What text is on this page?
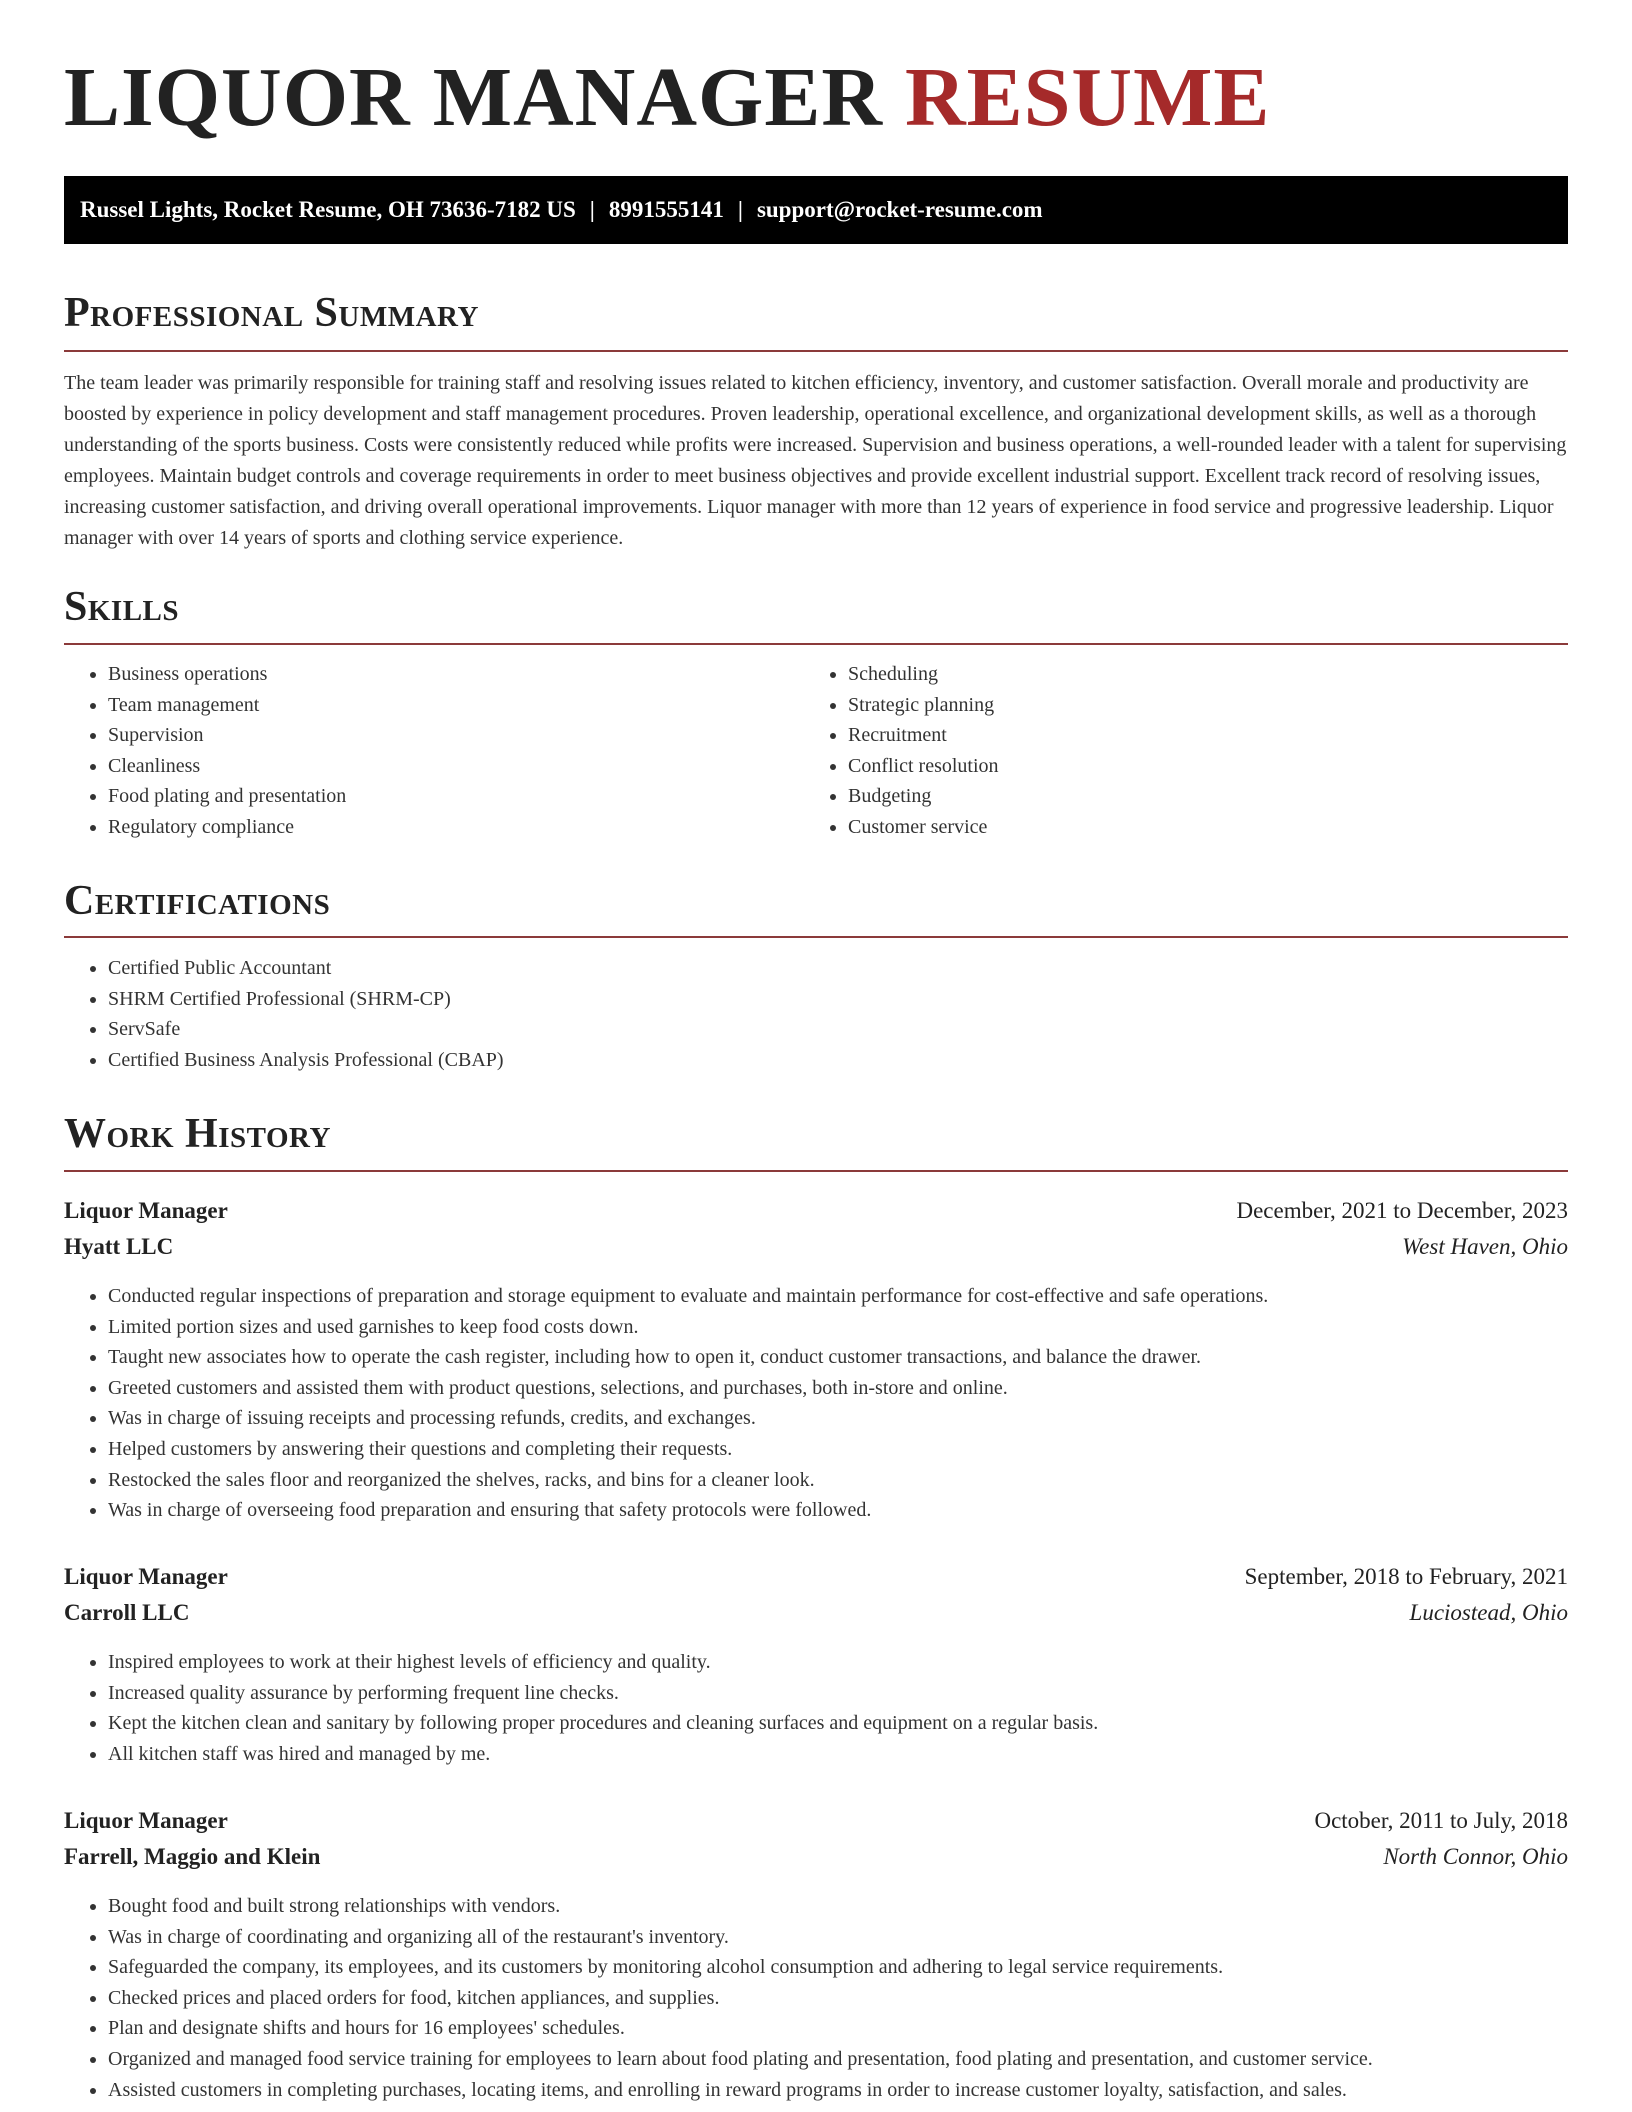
LIQUOR MANAGER RESUME
Russel Lights, Rocket Resume, OH 73636-7182 US | 8991555141 | support@rocket-resume.com
Professional Summary

The team leader was primarily responsible for training staff and resolving issues related to kitchen efficiency, inventory, and customer satisfaction. Overall morale and productivity are boosted by experience in policy development and staff management procedures. Proven leadership, operational excellence, and organizational development skills, as well as a thorough understanding of the sports business. Costs were consistently reduced while profits were increased. Supervision and business operations, a well-rounded leader with a talent for supervising employees. Maintain budget controls and coverage requirements in order to meet business objectives and provide excellent industrial support. Excellent track record of resolving issues, increasing customer satisfaction, and driving overall operational improvements. Liquor manager with more than 12 years of experience in food service and progressive leadership. Liquor manager with over 14 years of sports and clothing service experience.

Skills
• Business operations
• Team management
• Supervision
• Cleanliness
• Food plating and presentation
• Regulatory compliance
• Scheduling
• Strategic planning
• Recruitment
• Conflict resolution
• Budgeting
• Customer service
Certifications
• Certified Public Accountant
• SHRM Certified Professional (SHRM-CP)
• ServSafe
• Certified Business Analysis Professional (CBAP)
Work History
Liquor Manager	December, 2021 to December, 2023
Hyatt LLC	West Haven, Ohio
• Conducted regular inspections of preparation and storage equipment to evaluate and maintain performance for cost-effective and safe operations.
• Limited portion sizes and used garnishes to keep food costs down.
• Taught new associates how to operate the cash register, including how to open it, conduct customer transactions, and balance the drawer.
• Greeted customers and assisted them with product questions, selections, and purchases, both in-store and online.
• Was in charge of issuing receipts and processing refunds, credits, and exchanges.
• Helped customers by answering their questions and completing their requests.
• Restocked the sales floor and reorganized the shelves, racks, and bins for a cleaner look.
• Was in charge of overseeing food preparation and ensuring that safety protocols were followed.
Liquor Manager	September, 2018 to February, 2021
Carroll LLC	Luciostead, Ohio
• Inspired employees to work at their highest levels of efficiency and quality.
• Increased quality assurance by performing frequent line checks.
• Kept the kitchen clean and sanitary by following proper procedures and cleaning surfaces and equipment on a regular basis.
• All kitchen staff was hired and managed by me.
Liquor Manager	October, 2011 to July, 2018
Farrell, Maggio and Klein	North Connor, Ohio
• Bought food and built strong relationships with vendors.
• Was in charge of coordinating and organizing all of the restaurant's inventory.
• Safeguarded the company, its employees, and its customers by monitoring alcohol consumption and adhering to legal service requirements.
• Checked prices and placed orders for food, kitchen appliances, and supplies.
• Plan and designate shifts and hours for 16 employees' schedules.
• Organized and managed food service training for employees to learn about food plating and presentation, food plating and presentation, and customer service.
• Assisted customers in completing purchases, locating items, and enrolling in reward programs in order to increase customer loyalty, satisfaction, and sales.
